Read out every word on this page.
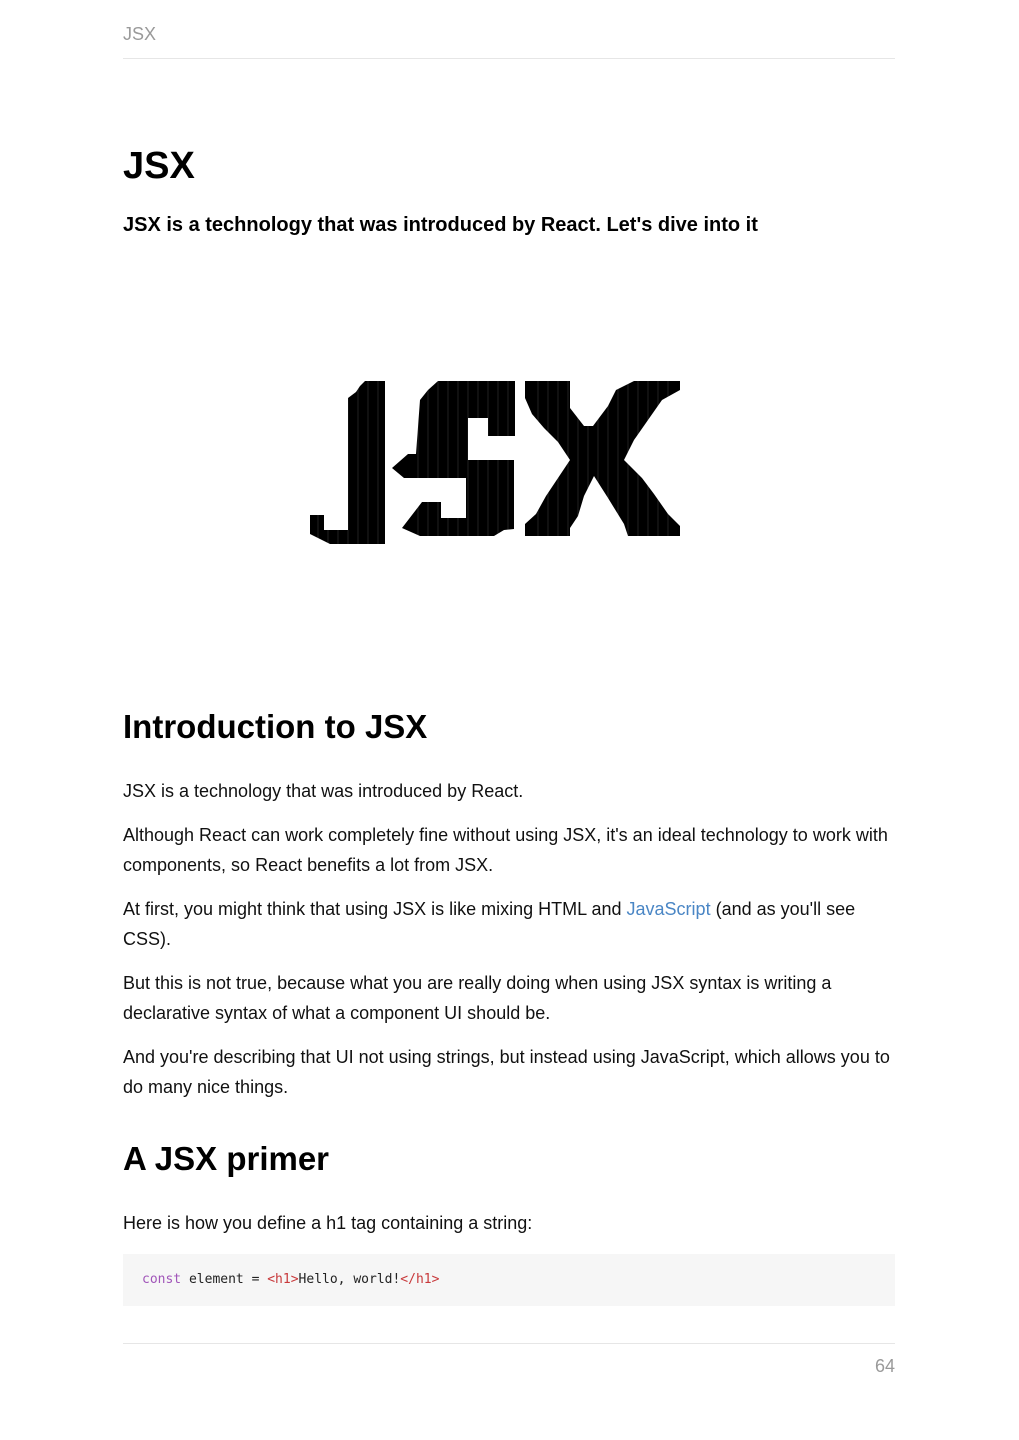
JSX
JSX

JSX is a technology that was introduced by React. Let's dive into it

Introduction to JSX

JSX is a technology that was introduced by React.

Although React can work completely fine without using JSX, it's an ideal technology to work with components, so React benefits a lot from JSX.

At first, you might think that using JSX is like mixing HTML and JavaScript (and as you'll see CSS).

But this is not true, because what you are really doing when using JSX syntax is writing a declarative syntax of what a component UI should be.

And you're describing that UI not using strings, but instead using JavaScript, which allows you to do many nice things.

A JSX primer

Here is how you define a h1 tag containing a string:

const element = <h1>Hello, world!</h1>
64
